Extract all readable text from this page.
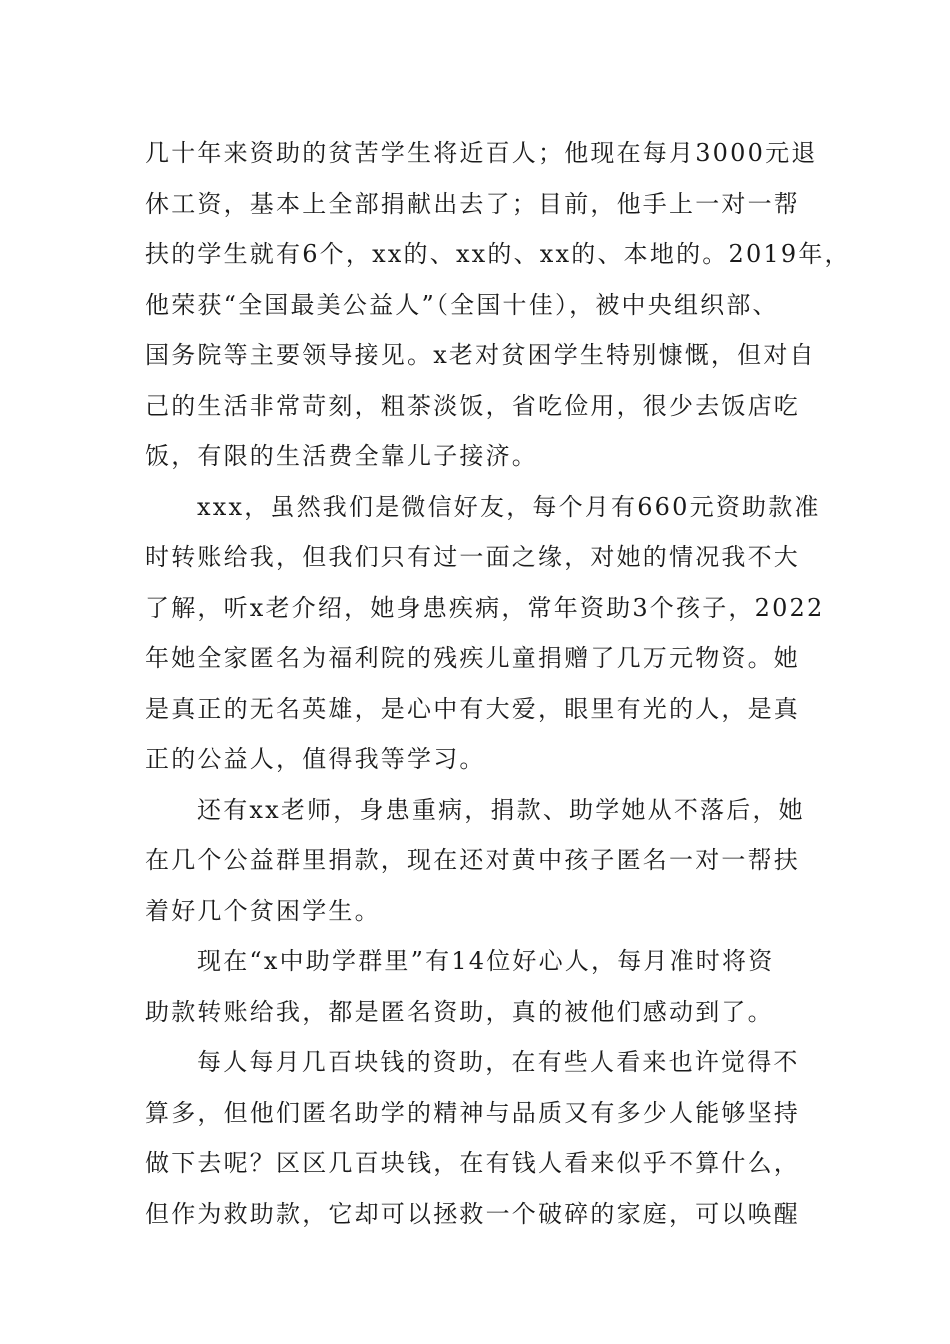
几十年来资助的贫苦学生将近百人；他现在每月3000元退
休工资，基本上全部捐献出去了；目前，他手上一对一帮
扶的学生就有6个，xx的、xx的、xx的、本地的。2019年，
他荣获“全国最美公益人”（全国十佳），被中央组织部、
国务院等主要领导接见。x老对贫困学生特别慷慨，但对自
己的生活非常苛刻，粗茶淡饭，省吃俭用，很少去饭店吃
饭，有限的生活费全靠儿子接济。
xxx，虽然我们是微信好友，每个月有660元资助款准
时转账给我，但我们只有过一面之缘，对她的情况我不大
了解，听x老介绍，她身患疾病，常年资助3个孩子，2022
年她全家匿名为福利院的残疾儿童捐赠了几万元物资。她
是真正的无名英雄，是心中有大爱，眼里有光的人，是真
正的公益人，值得我等学习。
还有xx老师，身患重病，捐款、助学她从不落后，她
在几个公益群里捐款，现在还对黄中孩子匿名一对一帮扶
着好几个贫困学生。
现在“x中助学群里”有14位好心人，每月准时将资
助款转账给我，都是匿名资助，真的被他们感动到了。
每人每月几百块钱的资助，在有些人看来也许觉得不
算多，但他们匿名助学的精神与品质又有多少人能够坚持
做下去呢？区区几百块钱，在有钱人看来似乎不算什么，
但作为救助款，它却可以拯救一个破碎的家庭，可以唤醒
